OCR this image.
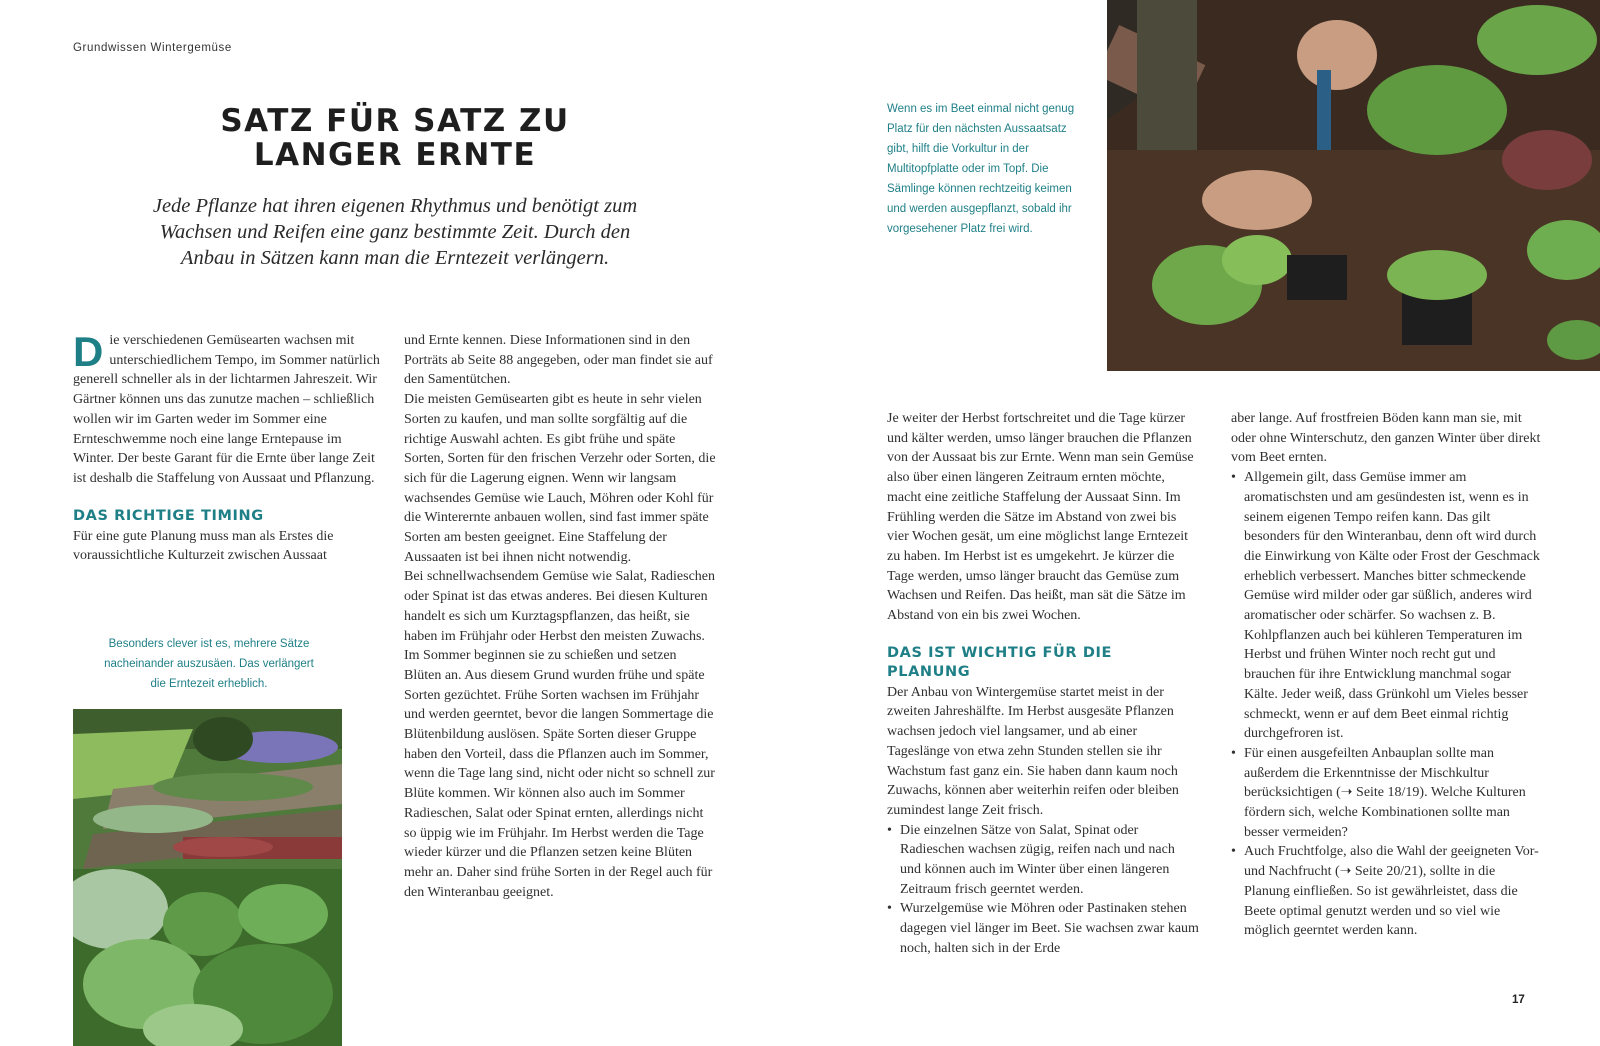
Grundwissen Wintergemüse
SATZ FÜR SATZ ZU
LANGER ERNTE
Jede Pflanze hat ihren eigenen Rhythmus und benötigt zum
Wachsen und Reifen eine ganz bestimmte Zeit. Durch den
Anbau in Sätzen kann man die Erntezeit verlängern.

Die verschiedenen Gemüsearten wachsen mit unterschiedlichem Tempo, im Sommer natürlich generell schneller als in der lichtarmen Jahreszeit. Wir Gärtner können uns das zunutze machen – schließlich wollen wir im Garten weder im Sommer eine Ernteschwemme noch eine lange Erntepause im Winter. Der beste Garant für die Ernte über lange Zeit ist deshalb die Staffelung von Aussaat und Pflanzung.

DAS RICHTIGE TIMING

Für eine gute Planung muss man als Erstes die voraussichtliche Kulturzeit zwischen Aussaat

Besonders clever ist es, mehrere Sätze nacheinander auszusäen. Das verlängert die Erntezeit erheblich.

und Ernte kennen. Diese Informationen sind in den Porträts ab Seite 88 angegeben, oder man findet sie auf den Samentütchen.

Die meisten Gemüsearten gibt es heute in sehr vielen Sorten zu kaufen, und man sollte sorgfältig auf die richtige Auswahl achten. Es gibt frühe und späte Sorten, Sorten für den frischen Verzehr oder Sorten, die sich für die Lagerung eignen. Wenn wir langsam wachsendes Gemüse wie Lauch, Möhren oder Kohl für die Winterernte anbauen wollen, sind fast immer späte Sorten am besten geeignet. Eine Staffelung der Aussaaten ist bei ihnen nicht notwendig.

Bei schnellwachsendem Gemüse wie Salat, Radieschen oder Spinat ist das etwas anderes. Bei diesen Kulturen handelt es sich um Kurztagspflanzen, das heißt, sie haben im Frühjahr oder Herbst den meisten Zuwachs. Im Sommer beginnen sie zu schießen und setzen Blüten an. Aus diesem Grund wurden frühe und späte Sorten gezüchtet. Frühe Sorten wachsen im Frühjahr und werden geerntet, bevor die langen Sommertage die Blütenbildung auslösen. Späte Sorten dieser Gruppe haben den Vorteil, dass die Pflanzen auch im Sommer, wenn die Tage lang sind, nicht oder nicht so schnell zur Blüte kommen. Wir können also auch im Sommer Radieschen, Salat oder Spinat ernten, allerdings nicht so üppig wie im Frühjahr. Im Herbst werden die Tage wieder kürzer und die Pflanzen setzen keine Blüten mehr an. Daher sind frühe Sorten in der Regel auch für den Winteranbau geeignet.

Wenn es im Beet einmal nicht genug Platz für den nächsten Aussaatsatz gibt, hilft die Vorkultur in der Multitopfplatte oder im Topf. Die Sämlinge können rechtzeitig keimen und werden ausgepflanzt, sobald ihr vorgesehener Platz frei wird.

Je weiter der Herbst fortschreitet und die Tage kürzer und kälter werden, umso länger brauchen die Pflanzen von der Aussaat bis zur Ernte. Wenn man sein Gemüse also über einen längeren Zeitraum ernten möchte, macht eine zeitliche Staffelung der Aussaat Sinn. Im Frühling werden die Sätze im Abstand von zwei bis vier Wochen gesät, um eine möglichst lange Erntezeit zu haben. Im Herbst ist es umgekehrt. Je kürzer die Tage werden, umso länger braucht das Gemüse zum Wachsen und Reifen. Das heißt, man sät die Sätze im Abstand von ein bis zwei Wochen.

DAS IST WICHTIG FÜR DIE PLANUNG

Der Anbau von Wintergemüse startet meist in der zweiten Jahreshälfte. Im Herbst ausgesäte Pflanzen wachsen jedoch viel langsamer, und ab einer Tageslänge von etwa zehn Stunden stellen sie ihr Wachstum fast ganz ein. Sie haben dann kaum noch Zuwachs, können aber weiterhin reifen oder bleiben zumindest lange Zeit frisch.

• Die einzelnen Sätze von Salat, Spinat oder Radieschen wachsen zügig, reifen nach und nach und können auch im Winter über einen längeren Zeitraum frisch geerntet werden.
• Wurzelgemüse wie Möhren oder Pastinaken stehen dagegen viel länger im Beet. Sie wachsen zwar kaum noch, halten sich in der Erde

aber lange. Auf frostfreien Böden kann man sie, mit oder ohne Winterschutz, den ganzen Winter über direkt vom Beet ernten.

• Allgemein gilt, dass Gemüse immer am aromatischsten und am gesündesten ist, wenn es in seinem eigenen Tempo reifen kann. Das gilt besonders für den Winteranbau, denn oft wird durch die Einwirkung von Kälte oder Frost der Geschmack erheblich verbessert. Manches bitter schmeckende Gemüse wird milder oder gar süßlich, anderes wird aromatischer oder schärfer. So wachsen z. B. Kohlpflanzen auch bei kühleren Temperaturen im Herbst und frühen Winter noch recht gut und brauchen für ihre Entwicklung manchmal sogar Kälte. Jeder weiß, dass Grünkohl um Vieles besser schmeckt, wenn er auf dem Beet einmal richtig durchgefroren ist.
• Für einen ausgefeilten Anbauplan sollte man außerdem die Erkenntnisse der Mischkultur berücksichtigen (➝ Seite 18/19). Welche Kulturen fördern sich, welche Kombinationen sollte man besser vermeiden?
• Auch Fruchtfolge, also die Wahl der geeigneten Vor- und Nachfrucht (➝ Seite 20/21), sollte in die Planung einfließen. So ist gewährleistet, dass die Beete optimal genutzt werden und so viel wie möglich geerntet werden kann.
17
